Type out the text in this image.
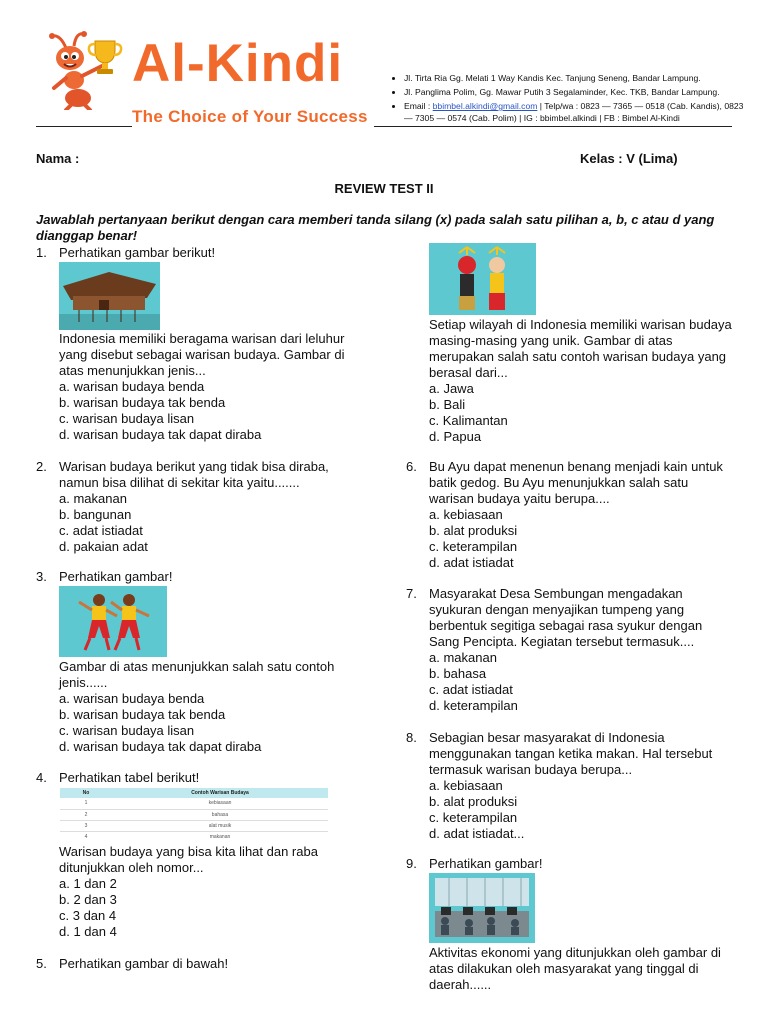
Al-Kindi
The Choice of Your Success
• Jl. Tirta Ria Gg. Melati 1 Way Kandis Kec. Tanjung Seneng, Bandar Lampung.
• Jl. Panglima Polim, Gg. Mawar Putih 3 Segalaminder, Kec. TKB, Bandar Lampung.
• Email : bbimbel.alkindi@gmail.com | Telp/wa : 0823 — 7365 — 0518 (Cab. Kandis), 0823 — 7305 — 0574 (Cab. Polim) | IG : bbimbel.alkindi | FB : Bimbel Al-Kindi
Nama :	Kelas : V (Lima)
REVIEW TEST II
Jawablah pertanyaan berikut dengan cara memberi tanda silang (x) pada salah satu pilihan a, b, c atau d yang dianggap benar!
1. Perhatikan gambar berikut!
Indonesia memiliki beragama warisan dari leluhur yang disebut sebagai warisan budaya. Gambar di atas menunjukkan jenis...
a. warisan budaya benda
b. warisan budaya tak benda
c. warisan budaya lisan
d. warisan budaya tak dapat diraba
2. Warisan budaya berikut yang tidak bisa diraba, namun bisa dilihat di sekitar kita yaitu.......
a. makanan
b. bangunan
c. adat istiadat
d. pakaian adat
3. Perhatikan gambar!
Gambar di atas menunjukkan salah satu contoh jenis......
a. warisan budaya benda
b. warisan budaya tak benda
c. warisan budaya lisan
d. warisan budaya tak dapat diraba
4. Perhatikan tabel berikut!
No	Contoh Warisan Budaya
1	kebiasaan
2	bahasa
3	alat musik
4	makanan
Warisan budaya yang bisa kita lihat dan raba ditunjukkan oleh nomor...
a. 1 dan 2
b. 2 dan 3
c. 3 dan 4
d. 1 dan 4
5. Perhatikan gambar di bawah!
Setiap wilayah di Indonesia memiliki warisan budaya masing-masing yang unik. Gambar di atas merupakan salah satu contoh warisan budaya yang berasal dari...
a. Jawa
b. Bali
c. Kalimantan
d. Papua
6. Bu Ayu dapat menenun benang menjadi kain untuk batik gedog. Bu Ayu menunjukkan salah satu warisan budaya yaitu berupa....
a. kebiasaan
b. alat produksi
c. keterampilan
d. adat istiadat
7. Masyarakat Desa Sembungan mengadakan syukuran dengan menyajikan tumpeng yang berbentuk segitiga sebagai rasa syukur dengan Sang Pencipta. Kegiatan tersebut termasuk....
a. makanan
b. bahasa
c. adat istiadat
d. keterampilan
8. Sebagian besar masyarakat di Indonesia menggunakan tangan ketika makan. Hal tersebut termasuk warisan budaya berupa...
a. kebiasaan
b. alat produksi
c. keterampilan
d. adat istiadat...
9. Perhatikan gambar!
Aktivitas ekonomi yang ditunjukkan oleh gambar di atas dilakukan oleh masyarakat yang tinggal di daerah......
